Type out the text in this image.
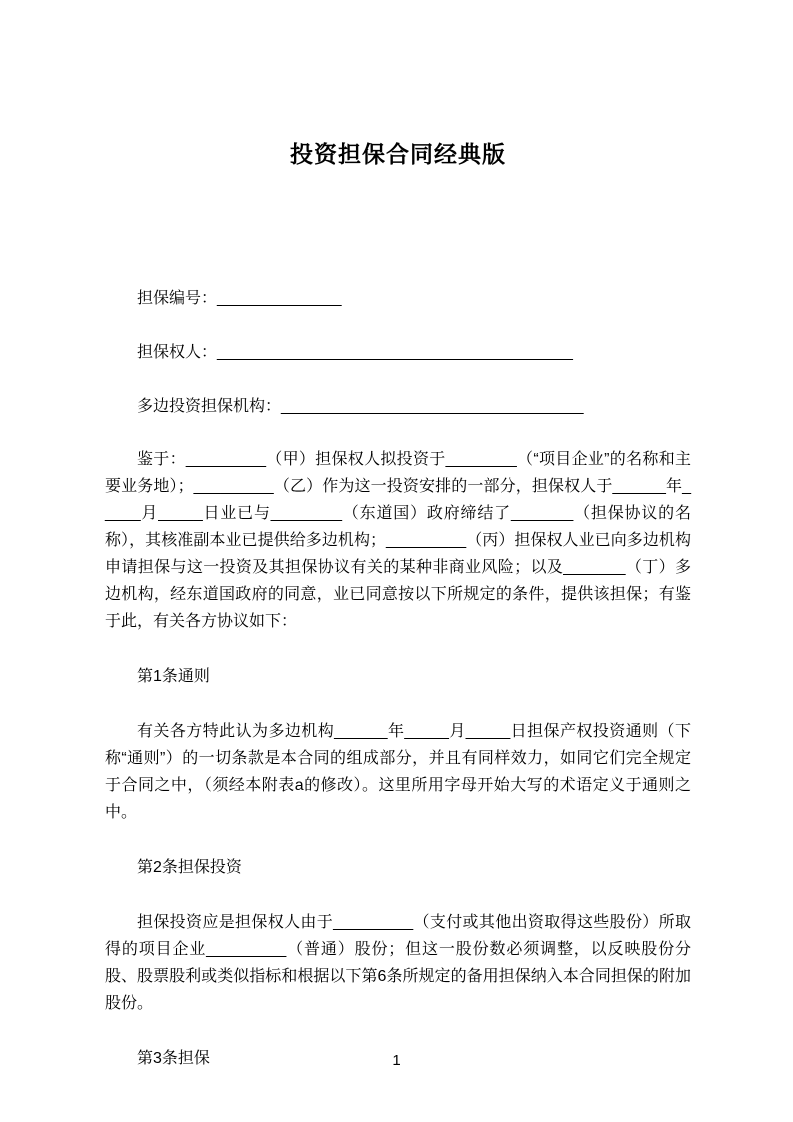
投资担保合同经典版

担保编号：______________

担保权人：________________________________________

多边投资担保机构：__________________________________

鉴于：_________（甲）担保权人拟投资于________（“项目企业”的名称和主要业务地）；_________（乙）作为这一投资安排的一部分，担保权人于______年_____月_____日业已与________（东道国）政府缔结了_______（担保协议的名称），其核准副本业已提供给多边机构；_________（丙）担保权人业已向多边机构申请担保与这一投资及其担保协议有关的某种非商业风险；以及_______（丁）多边机构，经东道国政府的同意，业已同意按以下所规定的条件，提供该担保；有鉴于此，有关各方协议如下：

第1条通则

有关各方特此认为多边机构______年_____月_____日担保产权投资通则（下称“通则”）的一切条款是本合同的组成部分，并且有同样效力，如同它们完全规定于合同之中，（须经本附表a的修改）。这里所用字母开始大写的术语定义于通则之中。

第2条担保投资

担保投资应是担保权人由于_________（支付或其他出资取得这些股份）所取得的项目企业_________（普通）股份；但这一股份数必须调整，以反映股份分股、股票股利或类似指标和根据以下第6条所规定的备用担保纳入本合同担保的附加股份。

第3条担保	1
